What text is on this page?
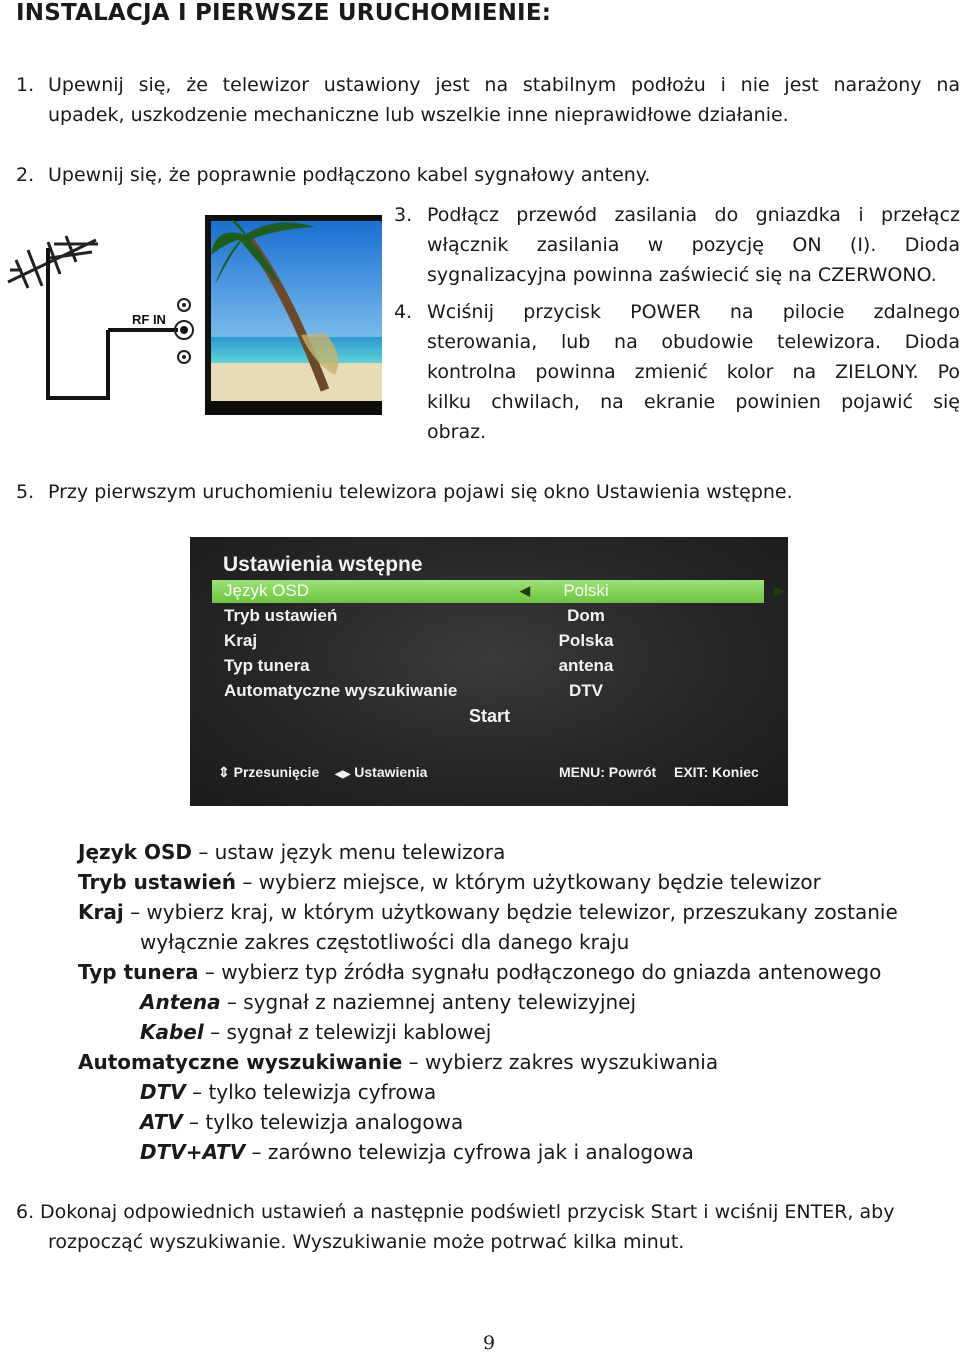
INSTALACJA I PIERWSZE URUCHOMIENIE:
1. Upewnij się, że telewizor ustawiony jest na stabilnym podłożu i nie jest narażony na
upadek, uszkodzenie mechaniczne lub wszelkie inne nieprawidłowe działanie.
2. Upewnij się, że poprawnie podłączono kabel sygnałowy anteny.
RF IN
3. Podłącz przewód zasilania do gniazdka i przełącz
włącznik zasilania w pozycję ON (I). Dioda
sygnalizacyjna powinna zaświecić się na CZERWONO.
4. Wciśnij przycisk POWER na pilocie zdalnego
sterowania, lub na obudowie telewizora. Dioda
kontrolna powinna zmienić kolor na ZIELONY. Po
kilku chwilach, na ekranie powinien pojawić się
obraz.
5. Przy pierwszym uruchomieniu telewizora pojawi się okno Ustawienia wstępne.
Ustawienia wstępne
Język OSD	◀	Polski	▶
Tryb ustawień	Dom
Kraj	Polska
Typ tunera	antena
Automatyczne wyszukiwanie	DTV
Start
⇕ Przesunięcie ◀▶ Ustawienia	MENU: Powrót EXIT: Koniec
Język OSD – ustaw język menu telewizora
Tryb ustawień – wybierz miejsce, w którym użytkowany będzie telewizor
Kraj – wybierz kraj, w którym użytkowany będzie telewizor, przeszukany zostanie
wyłącznie zakres częstotliwości dla danego kraju
Typ tunera – wybierz typ źródła sygnału podłączonego do gniazda antenowego
Antena – sygnał z naziemnej anteny telewizyjnej
Kabel – sygnał z telewizji kablowej
Automatyczne wyszukiwanie – wybierz zakres wyszukiwania
DTV – tylko telewizja cyfrowa
ATV – tylko telewizja analogowa
DTV+ATV – zarówno telewizja cyfrowa jak i analogowa
6. Dokonaj odpowiednich ustawień a następnie podświetl przycisk Start i wciśnij ENTER, aby
rozpocząć wyszukiwanie. Wyszukiwanie może potrwać kilka minut.
9
